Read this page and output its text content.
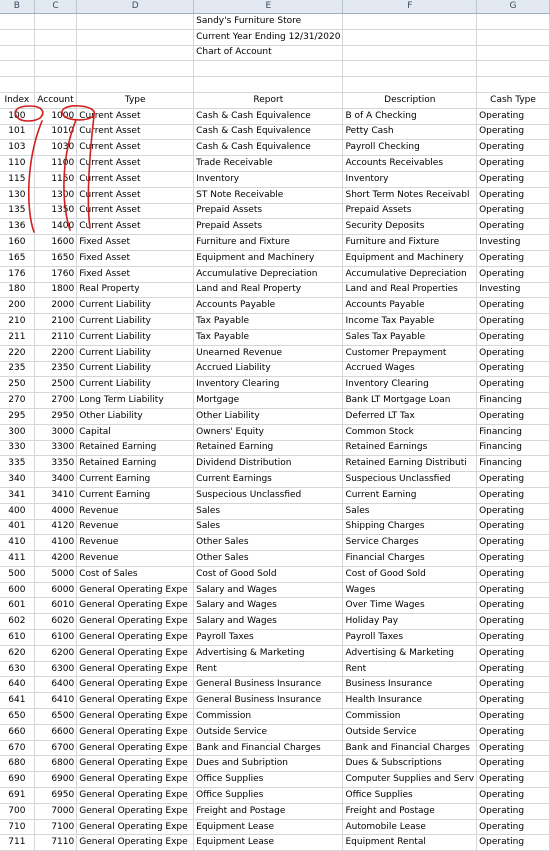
B	C	D	E	F	G
			Sandy's Furniture Store		
			Current Year Ending 12/31/2020		
			Chart of Account		

Index	Account	Type	Report	Description	Cash Type
100	1000	Current Asset	Cash & Cash Equivalence	B of A Checking	Operating
101	1010	Current Asset	Cash & Cash Equivalence	Petty Cash	Operating
103	1030	Current Asset	Cash & Cash Equivalence	Payroll Checking	Operating
110	1100	Current Asset	Trade Receivable	Accounts Receivables	Operating
115	1150	Current Asset	Inventory	Inventory	Operating
130	1300	Current Asset	ST Note Receivable	Short Term Notes Receivabl	Operating
135	1350	Current Asset	Prepaid Assets	Prepaid Assets	Operating
136	1400	Current Asset	Prepaid Assets	Security Deposits	Operating
160	1600	Fixed Asset	Furniture and Fixture	Furniture and Fixture	Investing
165	1650	Fixed Asset	Equipment and Machinery	Equipment and Machinery	Operating
176	1760	Fixed Asset	Accumulative Depreciation	Accumulative Depreciation	Operating
180	1800	Real Property	Land and Real Property	Land and Real Properties	Investing
200	2000	Current Liability	Accounts Payable	Accounts Payable	Operating
210	2100	Current Liability	Tax Payable	Income Tax Payable	Operating
211	2110	Current Liability	Tax Payable	Sales Tax Payable	Operating
220	2200	Current Liability	Unearned Revenue	Customer Prepayment	Operating
235	2350	Current Liability	Accrued Liability	Accrued Wages	Operating
250	2500	Current Liability	Inventory Clearing	Inventory Clearing	Operating
270	2700	Long Term Liability	Mortgage	Bank LT Mortgage Loan	Financing
295	2950	Other Liability	Other Liability	Deferred LT Tax	Operating
300	3000	Capital	Owners' Equity	Common Stock	Financing
330	3300	Retained Earning	Retained Earning	Retained Earnings	Financing
335	3350	Retained Earning	Dividend Distribution	Retained Earning Distributi	Financing
340	3400	Current Earning	Current Earnings	Suspecious Unclassfied	Operating
341	3410	Current Earning	Suspecious Unclassfied	Current Earning	Operating
400	4000	Revenue	Sales	Sales	Operating
401	4120	Revenue	Sales	Shipping Charges	Operating
410	4100	Revenue	Other Sales	Service Charges	Operating
411	4200	Revenue	Other Sales	Financial Charges	Operating
500	5000	Cost of Sales	Cost of Good Sold	Cost of Good Sold	Operating
600	6000	General Operating Expe	Salary and Wages	Wages	Operating
601	6010	General Operating Expe	Salary and Wages	Over Time Wages	Operating
602	6020	General Operating Expe	Salary and Wages	Holiday Pay	Operating
610	6100	General Operating Expe	Payroll Taxes	Payroll Taxes	Operating
620	6200	General Operating Expe	Advertising & Marketing	Advertising & Marketing	Operating
630	6300	General Operating Expe	Rent	Rent	Operating
640	6400	General Operating Expe	General Business Insurance	Business Insurance	Operating
641	6410	General Operating Expe	General Business Insurance	Health Insurance	Operating
650	6500	General Operating Expe	Commission	Commission	Operating
660	6600	General Operating Expe	Outside Service	Outside Service	Operating
670	6700	General Operating Expe	Bank and Financial Charges	Bank and Financial Charges	Operating
680	6800	General Operating Expe	Dues and Subription	Dues & Subscriptions	Operating
690	6900	General Operating Expe	Office Supplies	Computer Supplies and Serv	Operating
691	6950	General Operating Expe	Office Supplies	Office Supplies	Operating
700	7000	General Operating Expe	Freight and Postage	Freight and Postage	Operating
710	7100	General Operating Expe	Equipment Lease	Automobile Lease	Operating
711	7110	General Operating Expe	Equipment Lease	Equipment Rental	Operating
